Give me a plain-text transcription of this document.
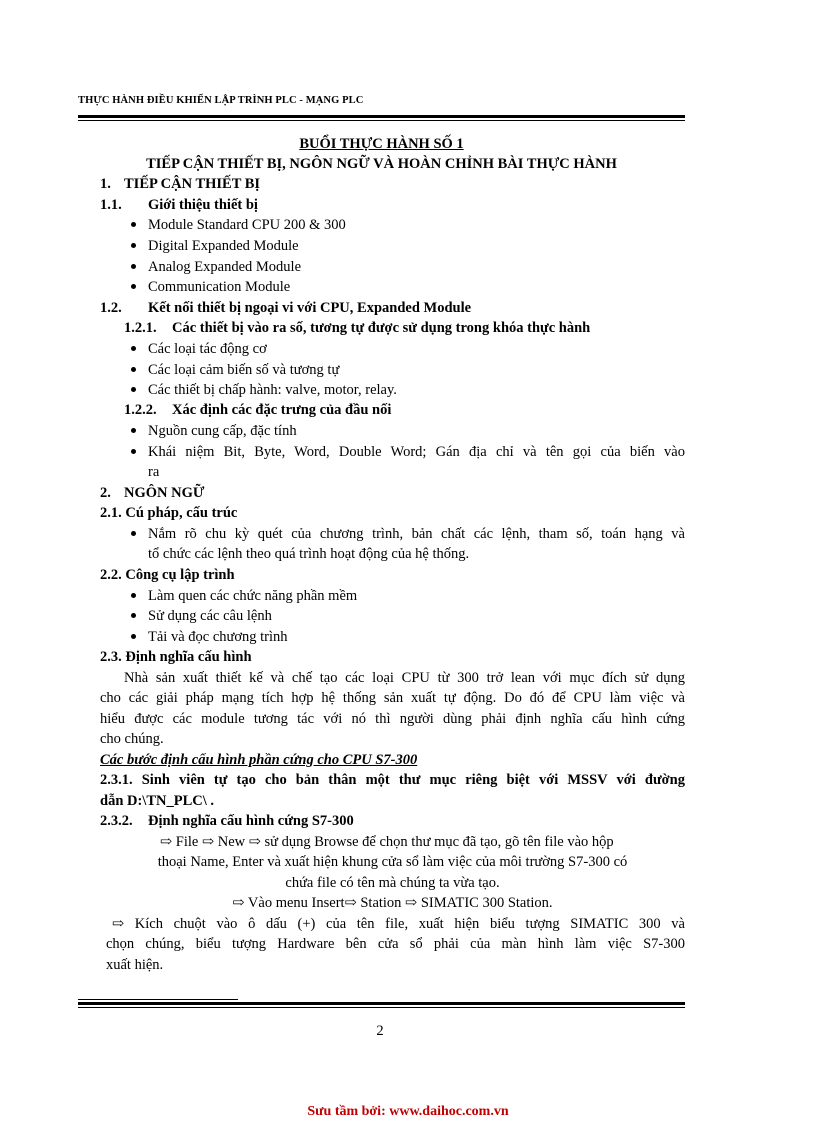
THỰC HÀNH ĐIỀU KHIỂN LẬP TRÌNH PLC - MẠNG PLC
BUỔI THỰC HÀNH SỐ 1
TIẾP CẬN THIẾT BỊ, NGÔN NGỮ VÀ HOÀN CHỈNH BÀI THỰC HÀNH
1. TIẾP CẬN THIẾT BỊ
1.1. Giới thiệu thiết bị
Module Standard CPU 200 & 300
Digital Expanded Module
Analog Expanded Module
Communication Module
1.2. Kết nối thiết bị ngoại vi với CPU, Expanded Module
1.2.1. Các thiết bị vào ra số, tương tự được sử dụng trong khóa thực hành
Các loại tác động cơ
Các loại cảm biến số và tương tự
Các thiết bị chấp hành: valve, motor, relay.
1.2.2. Xác định các đặc trưng của đầu nối
Nguồn cung cấp, đặc tính
Khái niệm Bit, Byte, Word, Double Word; Gán địa chỉ và tên gọi của biến vào
ra
2. NGÔN NGỮ
2.1. Cú pháp, cấu trúc
Nắm rõ chu kỳ quét của chương trình, bản chất các lệnh, tham số, toán hạng và
tổ chức các lệnh theo quá trình hoạt động của hệ thống.
2.2. Công cụ lập trình
Làm quen các chức năng phần mềm
Sử dụng các câu lệnh
Tải và đọc chương trình
2.3. Định nghĩa cấu hình
Nhà sản xuất thiết kế và chế tạo các loại CPU từ 300 trở lean với mục đích sử dụng
cho các giải pháp mạng tích hợp hệ thống sản xuất tự động. Do đó để CPU làm việc và
hiểu được các module tương tác với nó thì người dùng phải định nghĩa cấu hình cứng
cho chúng.
Các bước định cấu hình phần cứng cho CPU S7-300
2.3.1. Sinh viên tự tạo cho bản thân một thư mục riêng biệt với MSSV với đường
dẫn D:\TN_PLC\ .
2.3.2. Định nghĩa cấu hình cứng S7-300
⇨ File ⇨ New ⇨ sử dụng Browse để chọn thư mục đã tạo, gõ tên file vào hộp
thoại Name, Enter và xuất hiện khung cửa sổ làm việc của môi trường S7-300 có
chứa file có tên mà chúng ta vừa tạo.
⇨ Vào menu Insert⇨ Station ⇨ SIMATIC 300 Station.
⇨ Kích chuột vào ô dấu (+) của tên file, xuất hiện biểu tượng SIMATIC 300 và
chọn chúng, biểu tượng Hardware bên cửa sổ phải của màn hình làm việc S7-300
xuất hiện.
2
Sưu tầm bởi: www.daihoc.com.vn
